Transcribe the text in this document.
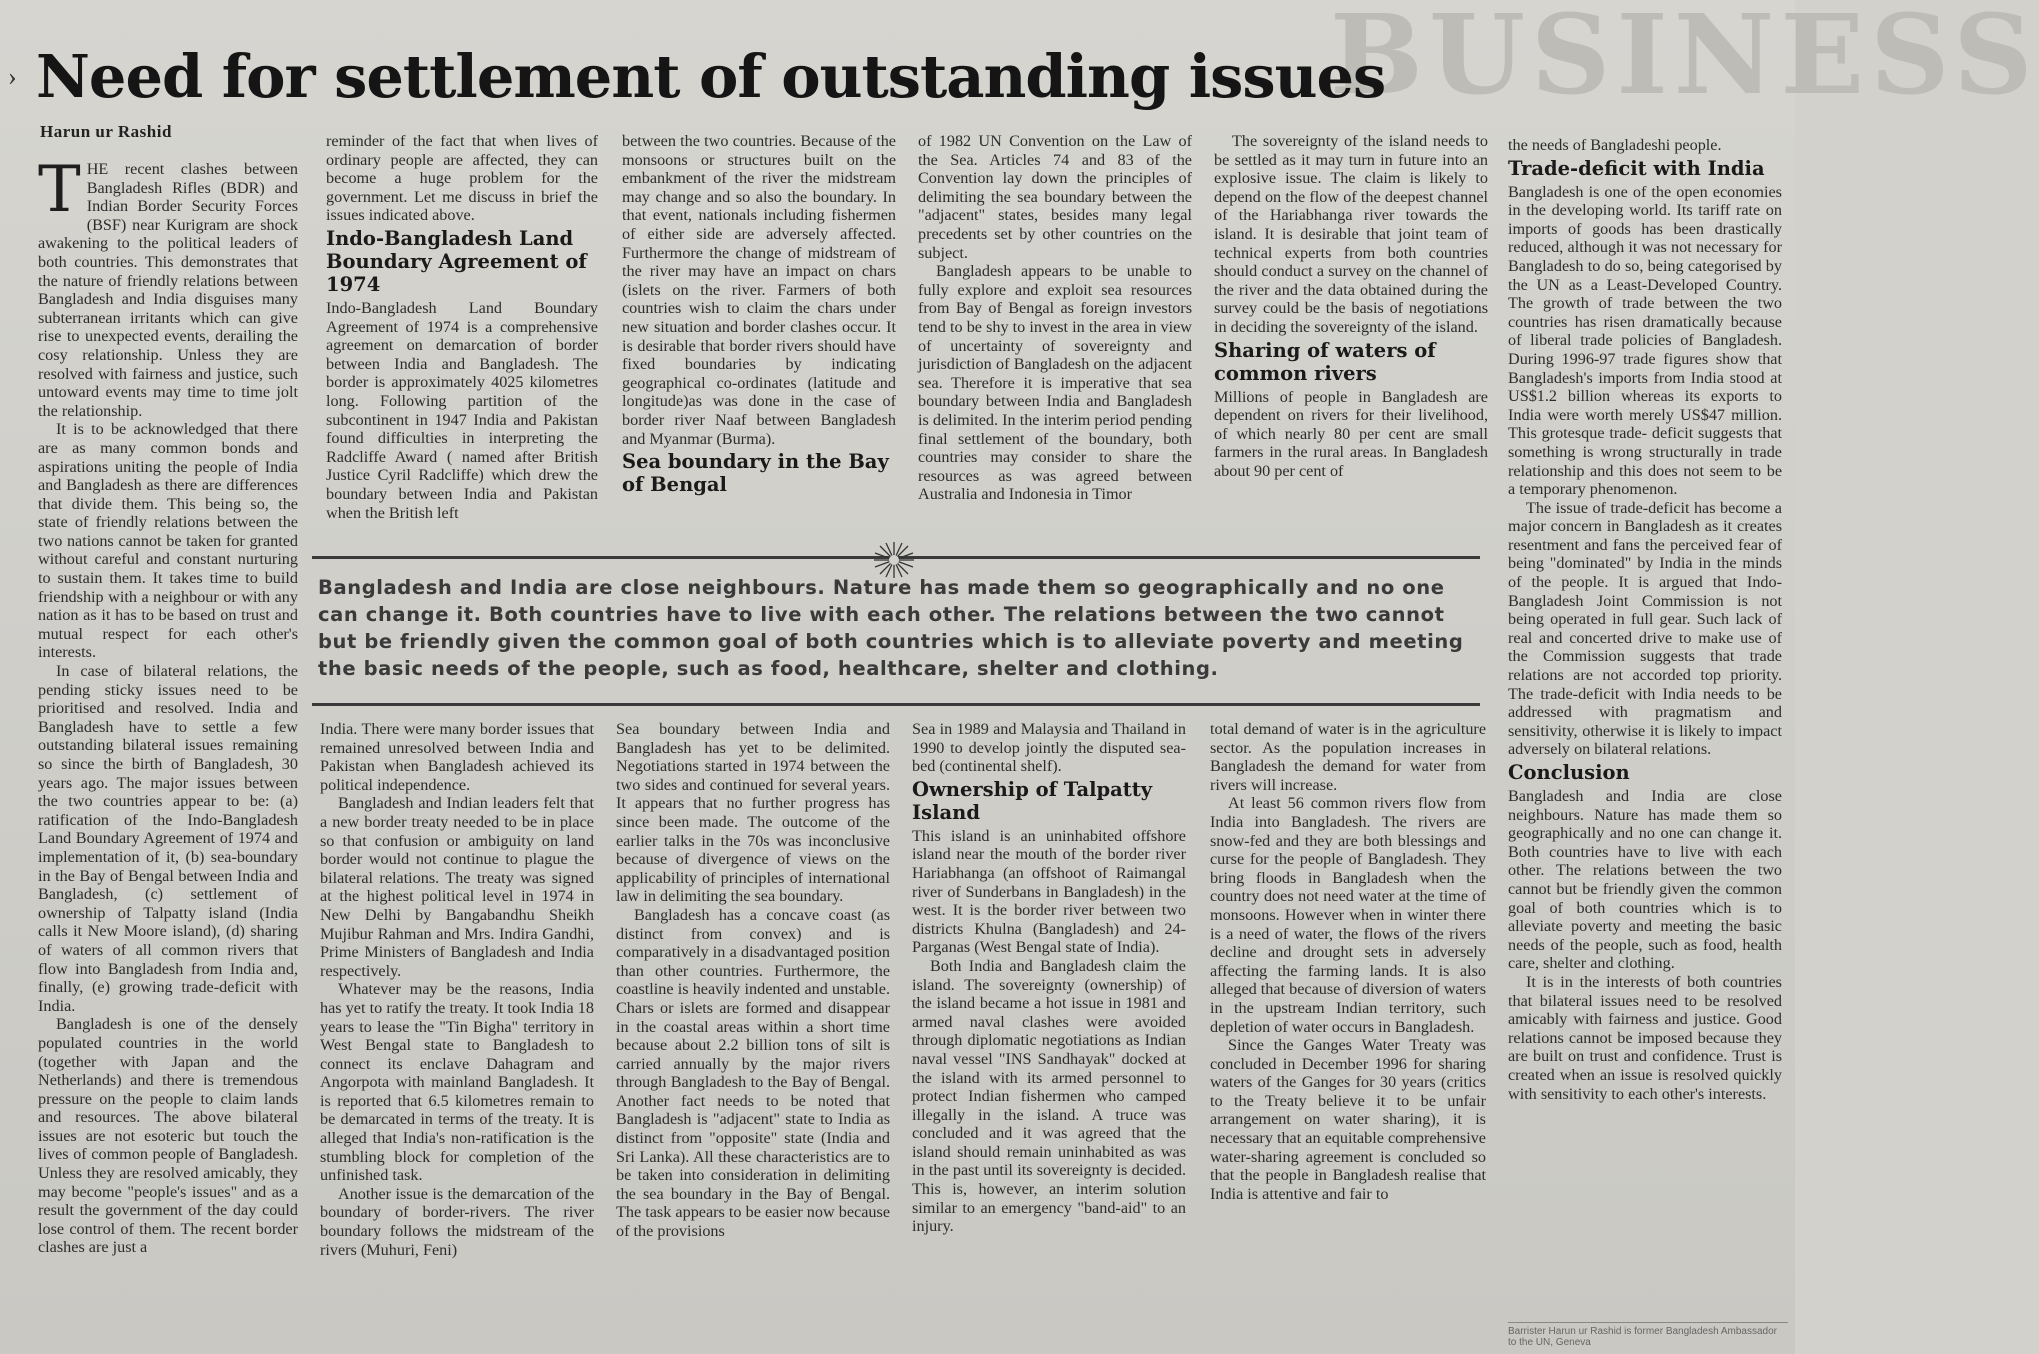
BUSINESS
› Need for settlement of outstanding issues
Harun ur Rashid

THE recent clashes between Bangladesh Rifles (BDR) and Indian Border Security Forces (BSF) near Kurigram are shock awakening to the political leaders of both countries. This demonstrates that the nature of friendly relations between Bangladesh and India disguises many subterranean irritants which can give rise to unexpected events, derailing the cosy relationship. Unless they are resolved with fairness and justice, such untoward events may time to time jolt the relationship.

It is to be acknowledged that there are as many common bonds and aspirations uniting the people of India and Bangladesh as there are differences that divide them. This being so, the state of friendly relations between the two nations cannot be taken for granted without careful and constant nurturing to sustain them. It takes time to build friendship with a neighbour or with any nation as it has to be based on trust and mutual respect for each other's interests.

In case of bilateral relations, the pending sticky issues need to be prioritised and resolved. India and Bangladesh have to settle a few outstanding bilateral issues remaining so since the birth of Bangladesh, 30 years ago. The major issues between the two countries appear to be: (a) ratification of the Indo-Bangladesh Land Boundary Agreement of 1974 and implementation of it, (b) sea-boundary in the Bay of Bengal between India and Bangladesh, (c) settlement of ownership of Talpatty island (India calls it New Moore island), (d) sharing of waters of all common rivers that flow into Bangladesh from India and, finally, (e) growing trade-deficit with India.

Bangladesh is one of the densely populated countries in the world (together with Japan and the Netherlands) and there is tremendous pressure on the people to claim lands and resources. The above bilateral issues are not esoteric but touch the lives of common people of Bangladesh. Unless they are resolved amicably, they may become "people's issues" and as a result the government of the day could lose control of them. The recent border clashes are just a

reminder of the fact that when lives of ordinary people are affected, they can become a huge problem for the government. Let me discuss in brief the issues indicated above.

Indo-Bangladesh Land Boundary Agreement of 1974

Indo-Bangladesh Land Boundary Agreement of 1974 is a comprehensive agreement on demarcation of border between India and Bangladesh. The border is approximately 4025 kilometres long. Following partition of the subcontinent in 1947 India and Pakistan found difficulties in interpreting the Radcliffe Award ( named after British Justice Cyril Radcliffe) which drew the boundary between India and Pakistan when the British left

between the two countries. Because of the monsoons or structures built on the embankment of the river the midstream may change and so also the boundary. In that event, nationals including fishermen of either side are adversely affected. Furthermore the change of midstream of the river may have an impact on chars (islets on the river. Farmers of both countries wish to claim the chars under new situation and border clashes occur. It is desirable that border rivers should have fixed boundaries by indicating geographical co-ordinates (latitude and longitude)as was done in the case of border river Naaf between Bangladesh and Myanmar (Burma).

Sea boundary in the Bay of Bengal

of 1982 UN Convention on the Law of the Sea. Articles 74 and 83 of the Convention lay down the principles of delimiting the sea boundary between the "adjacent" states, besides many legal precedents set by other countries on the subject.

Bangladesh appears to be unable to fully explore and exploit sea resources from Bay of Bengal as foreign investors tend to be shy to invest in the area in view of uncertainty of sovereignty and jurisdiction of Bangladesh on the adjacent sea. Therefore it is imperative that sea boundary between India and Bangladesh is delimited. In the interim period pending final settlement of the boundary, both countries may consider to share the resources as was agreed between Australia and Indonesia in Timor

The sovereignty of the island needs to be settled as it may turn in future into an explosive issue. The claim is likely to depend on the flow of the deepest channel of the Hariabhanga river towards the island. It is desirable that joint team of technical experts from both countries should conduct a survey on the channel of the river and the data obtained during the survey could be the basis of negotiations in deciding the sovereignty of the island.

Sharing of waters of common rivers

Millions of people in Bangladesh are dependent on rivers for their livelihood, of which nearly 80 per cent are small farmers in the rural areas. In Bangladesh about 90 per cent of

the needs of Bangladeshi people.

Trade-deficit with India

Bangladesh is one of the open economies in the developing world. Its tariff rate on imports of goods has been drastically reduced, although it was not necessary for Bangladesh to do so, being categorised by the UN as a Least-Developed Country. The growth of trade between the two countries has risen dramatically because of liberal trade policies of Bangladesh. During 1996-97 trade figures show that Bangladesh's imports from India stood at US$1.2 billion whereas its exports to India were worth merely US$47 million. This grotesque trade- deficit suggests that something is wrong structurally in trade relationship and this does not seem to be a temporary phenomenon.

The issue of trade-deficit has become a major concern in Bangladesh as it creates resentment and fans the perceived fear of being "dominated" by India in the minds of the people. It is argued that Indo-Bangladesh Joint Commission is not being operated in full gear. Such lack of real and concerted drive to make use of the Commission suggests that trade relations are not accorded top priority. The trade-deficit with India needs to be addressed with pragmatism and sensitivity, otherwise it is likely to impact adversely on bilateral relations.

Conclusion

Bangladesh and India are close neighbours. Nature has made them so geographically and no one can change it. Both countries have to live with each other. The relations between the two cannot but be friendly given the common goal of both countries which is to alleviate poverty and meeting the basic needs of the people, such as food, health care, shelter and clothing.

It is in the interests of both countries that bilateral issues need to be resolved amicably with fairness and justice. Good relations cannot be imposed because they are built on trust and confidence. Trust is created when an issue is resolved quickly with sensitivity to each other's interests.

Bangladesh and India are close neighbours. Nature has made them so geographically and no one can change it. Both countries have to live with each other. The relations between the two cannot but be friendly given the common goal of both countries which is to alleviate poverty and meeting the basic needs of the people, such as food, healthcare, shelter and clothing.

India. There were many border issues that remained unresolved between India and Pakistan when Bangladesh achieved its political independence.

Bangladesh and Indian leaders felt that a new border treaty needed to be in place so that confusion or ambiguity on land border would not continue to plague the bilateral relations. The treaty was signed at the highest political level in 1974 in New Delhi by Bangabandhu Sheikh Mujibur Rahman and Mrs. Indira Gandhi, Prime Ministers of Bangladesh and India respectively.

Whatever may be the reasons, India has yet to ratify the treaty. It took India 18 years to lease the "Tin Bigha" territory in West Bengal state to Bangladesh to connect its enclave Dahagram and Angorpota with mainland Bangladesh. It is reported that 6.5 kilometres remain to be demarcated in terms of the treaty. It is alleged that India's non-ratification is the stumbling block for completion of the unfinished task.

Another issue is the demarcation of the boundary of border-rivers. The river boundary follows the midstream of the rivers (Muhuri, Feni)

Sea boundary between India and Bangladesh has yet to be delimited. Negotiations started in 1974 between the two sides and continued for several years. It appears that no further progress has since been made. The outcome of the earlier talks in the 70s was inconclusive because of divergence of views on the applicability of principles of international law in delimiting the sea boundary.

Bangladesh has a concave coast (as distinct from convex) and is comparatively in a disadvantaged position than other countries. Furthermore, the coastline is heavily indented and unstable. Chars or islets are formed and disappear in the coastal areas within a short time because about 2.2 billion tons of silt is carried annually by the major rivers through Bangladesh to the Bay of Bengal. Another fact needs to be noted that Bangladesh is "adjacent" state to India as distinct from "opposite" state (India and Sri Lanka). All these characteristics are to be taken into consideration in delimiting the sea boundary in the Bay of Bengal. The task appears to be easier now because of the provisions

Sea in 1989 and Malaysia and Thailand in 1990 to develop jointly the disputed sea-bed (continental shelf).

Ownership of Talpatty Island

This island is an uninhabited offshore island near the mouth of the border river Hariabhanga (an offshoot of Raimangal river of Sunderbans in Bangladesh) in the west. It is the border river between two districts Khulna (Bangladesh) and 24-Parganas (West Bengal state of India).

Both India and Bangladesh claim the island. The sovereignty (ownership) of the island became a hot issue in 1981 and armed naval clashes were avoided through diplomatic negotiations as Indian naval vessel "INS Sandhayak" docked at the island with its armed personnel to protect Indian fishermen who camped illegally in the island. A truce was concluded and it was agreed that the island should remain uninhabited as was in the past until its sovereignty is decided. This is, however, an interim solution similar to an emergency "band-aid" to an injury.

total demand of water is in the agriculture sector. As the population increases in Bangladesh the demand for water from rivers will increase.

At least 56 common rivers flow from India into Bangladesh. The rivers are snow-fed and they are both blessings and curse for the people of Bangladesh. They bring floods in Bangladesh when the country does not need water at the time of monsoons. However when in winter there is a need of water, the flows of the rivers decline and drought sets in adversely affecting the farming lands. It is also alleged that because of diversion of waters in the upstream Indian territory, such depletion of water occurs in Bangladesh.

Since the Ganges Water Treaty was concluded in December 1996 for sharing waters of the Ganges for 30 years (critics to the Treaty believe it to be unfair arrangement on water sharing), it is necessary that an equitable comprehensive water-sharing agreement is concluded so that the people in Bangladesh realise that India is attentive and fair to

Barrister Harun ur Rashid is former Bangladesh Ambassador to the UN, Geneva
